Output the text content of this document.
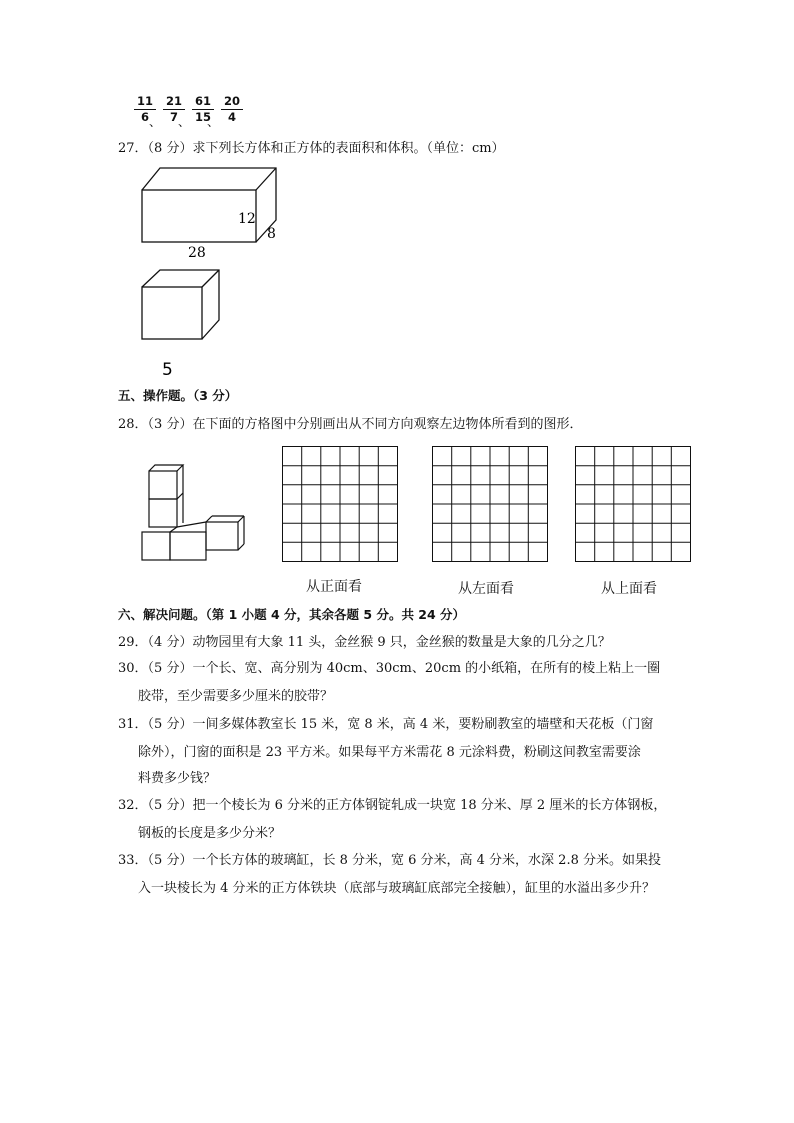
11
6 、
21
7 、
61
15
、
20
4
27．（8 分）求下列长方体和正方体的表面积和体积。（单位：cm）
12
8
28
5
五、操作题。（3 分）
28．（3 分）在下面的方格图中分别画出从不同方向观察左边物体所看到的图形．
从正面看	从左面看	从上面看
六、解决问题。（第 1 小题 4 分，其余各题 5 分。共 24 分）
29．（4 分）动物园里有大象 11 头，金丝猴 9 只，金丝猴的数量是大象的几分之几？
30．（5 分）一个长、宽、高分别为 40cm、30cm、20cm 的小纸箱，在所有的棱上粘上一圈
胶带，至少需要多少厘米的胶带？
31．（5 分）一间多媒体教室长 15 米，宽 8 米，高 4 米，要粉刷教室的墙壁和天花板（门窗
除外），门窗的面积是 23 平方米。如果每平方米需花 8 元涂料费，粉刷这间教室需要涂
料费多少钱？
32．（5 分）把一个棱长为 6 分米的正方体钢锭轧成一块宽 18 分米、厚 2 厘米的长方体钢板，
钢板的长度是多少分米？
33．（5 分）一个长方体的玻璃缸，长 8 分米，宽 6 分米，高 4 分米，水深 2.8 分米。如果投
入一块棱长为 4 分米的正方体铁块（底部与玻璃缸底部完全接触），缸里的水溢出多少升？
